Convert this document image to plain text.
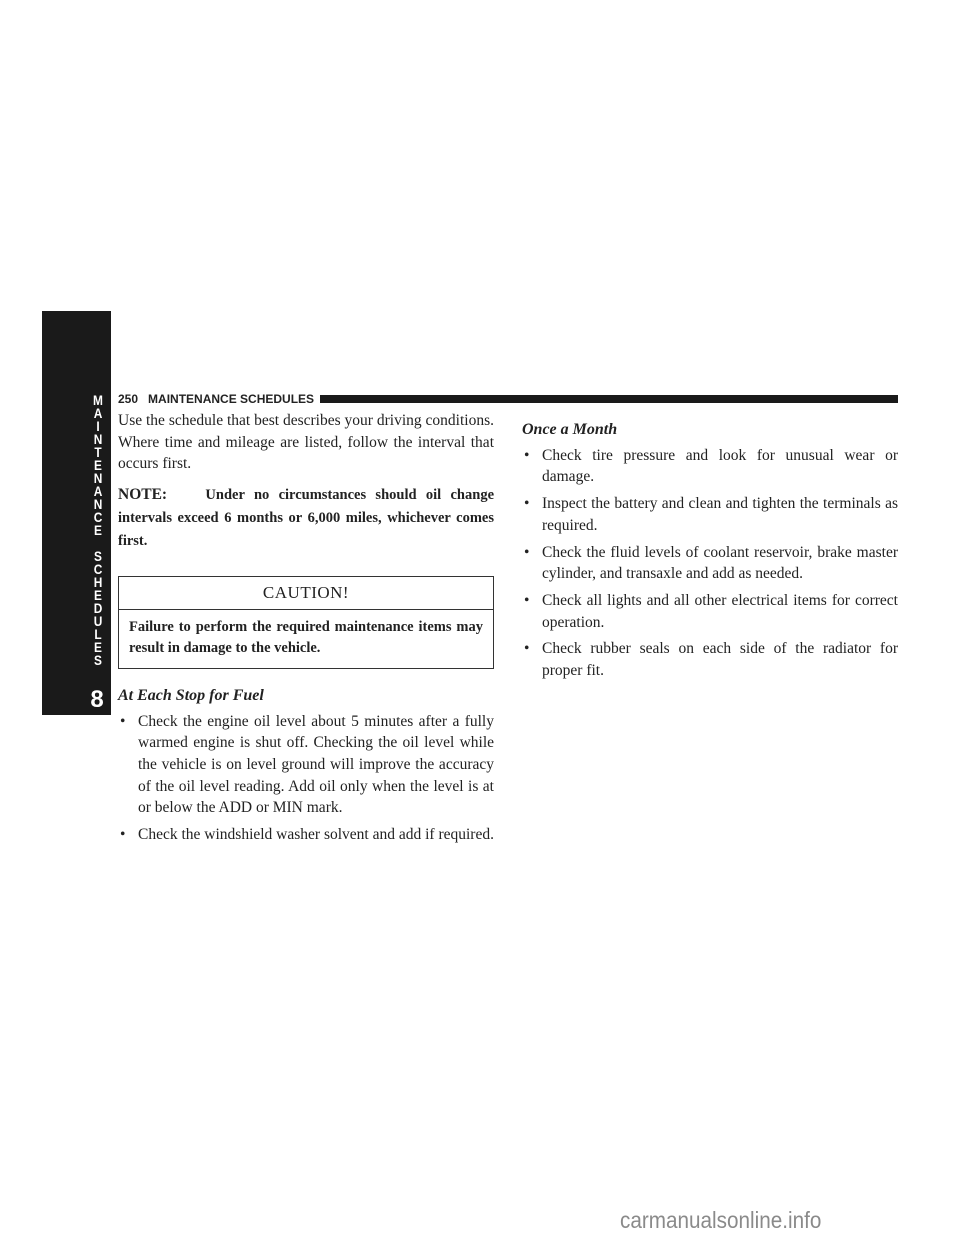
M
A
I
N
T
E
N
A
N
C
E
S
C
H
E
D
U
L
E
S
8
250 MAINTENANCE SCHEDULES

Use the schedule that best describes your driving conditions. Where time and mileage are listed, follow the interval that occurs first.

NOTE:	Under no circumstances should oil change intervals exceed 6 months or 6,000 miles, whichever comes first.

CAUTION!
Failure to perform the required maintenance items may result in damage to the vehicle.
At Each Stop for Fuel
• Check the engine oil level about 5 minutes after a fully warmed engine is shut off. Checking the oil level while the vehicle is on level ground will improve the accuracy of the oil level reading. Add oil only when the level is at or below the ADD or MIN mark.
• Check the windshield washer solvent and add if required.
Once a Month
• Check tire pressure and look for unusual wear or damage.
• Inspect the battery and clean and tighten the terminals as required.
• Check the fluid levels of coolant reservoir, brake master cylinder, and transaxle and add as needed.
• Check all lights and all other electrical items for correct operation.
• Check rubber seals on each side of the radiator for proper fit.
carmanualsonline.info
